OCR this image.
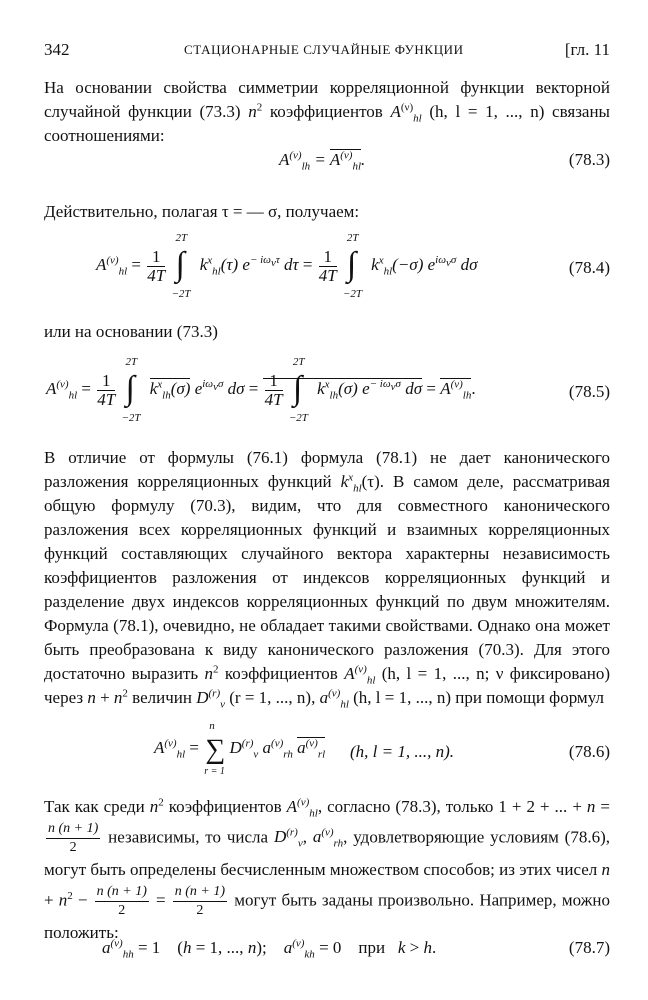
342	СТАЦИОНАРНЫЕ СЛУЧАЙНЫЕ ФУНКЦИИ	[гл. 11
На основании свойства симметрии корреляционной функции векторной случайной функции (73.3) $n^2$ коэффициентов $A^{(\nu)}_{hl}$ (h, l = 1, ..., n) связаны соотношениями:
$A^{(\nu)}_{lh} = A^{(\nu)}_{hl}$.	(78.3)
Действительно, полагая τ = — σ, получаем:
$A^{(\nu)}_{hl} = \frac{1}{4T}$

2T
∫
−2T
$k^x_{hl}(\tau)$ $e^{- i\omega_\nu\tau}$ $d\tau = \frac{1}{4T}$

2T
∫
−2T
$k^x_{hl}(-\sigma)$ $e^{i\omega_\nu\sigma}$ dσ	(78.4)
или на основании (73.3)
$A^{(\nu)}_{hl} = \frac{1}{4T}$

2T
∫
−2T
$k^x_{lh}(\sigma)$ $e^{i\omega_\nu\sigma}$ $d\sigma = \frac{1}{4T}$

2T
∫
−2T
$k^x_{lh}(\sigma)$ $e^{- i\omega_\nu\sigma}$ $d\sigma = A^{(\nu)}_{lh}$.	(78.5)
В отличие от формулы (76.1) формула (78.1) не дает канонического разложения корреляционных функций $k^x_{hl}(\tau)$. В самом деле, рассматривая общую формулу (70.3), видим, что для совместного канонического разложения всех корреляционных функций и взаимных корреляционных функций составляющих случайного вектора характерны независимость коэффициентов разложения от индексов корреляционных функций и разделение двух индексов корреляционных функций по двум множителям. Формула (78.1), очевидно, не обладает такими свойствами. Однако она может быть преобразована к виду канонического разложения (70.3). Для этого достаточно выразить $n^2$ коэффициентов $A^{(\nu)}_{hl}$ (h, l = 1, ..., n; ν фиксировано) через $n + n^2$ величин $D^{(r)}_\nu$ (r = 1, ..., n), $a^{(\nu)}_{hl}$ (h, l = 1, ..., n) при помощи формул
$A^{(\nu)}_{hl}$ =
n
∑
r = 1
$D^{(r)}_\nu$ $a^{(\nu)}_{rh}$ $a^{(\nu)}_{rl}$ (h, l = 1, ..., n).	(78.6)
Так как среди $n^2$ коэффициентов $A^{(\nu)}_{hl}$, согласно (78.3), только 1 + 2 + ... + n =
$\frac{n (n + 1)}{2}$ независимы, то числа $D^{(r)}_\nu$, $a^{(\nu)}_{rh}$, удовлетворяющие условиям (78.6), могут быть определены бесчисленным множеством способов; из этих чисел $n + n^2 - \frac{n (n + 1)}{2} = \frac{n (n + 1)}{2}$ могут быть заданы произвольно. Например, можно положить:
$a^{(\nu)}_{hh} = 1$    (h = 1, ..., n);    $a^{(\nu)}_{kh} = 0$    при k > h.	(78.7)
